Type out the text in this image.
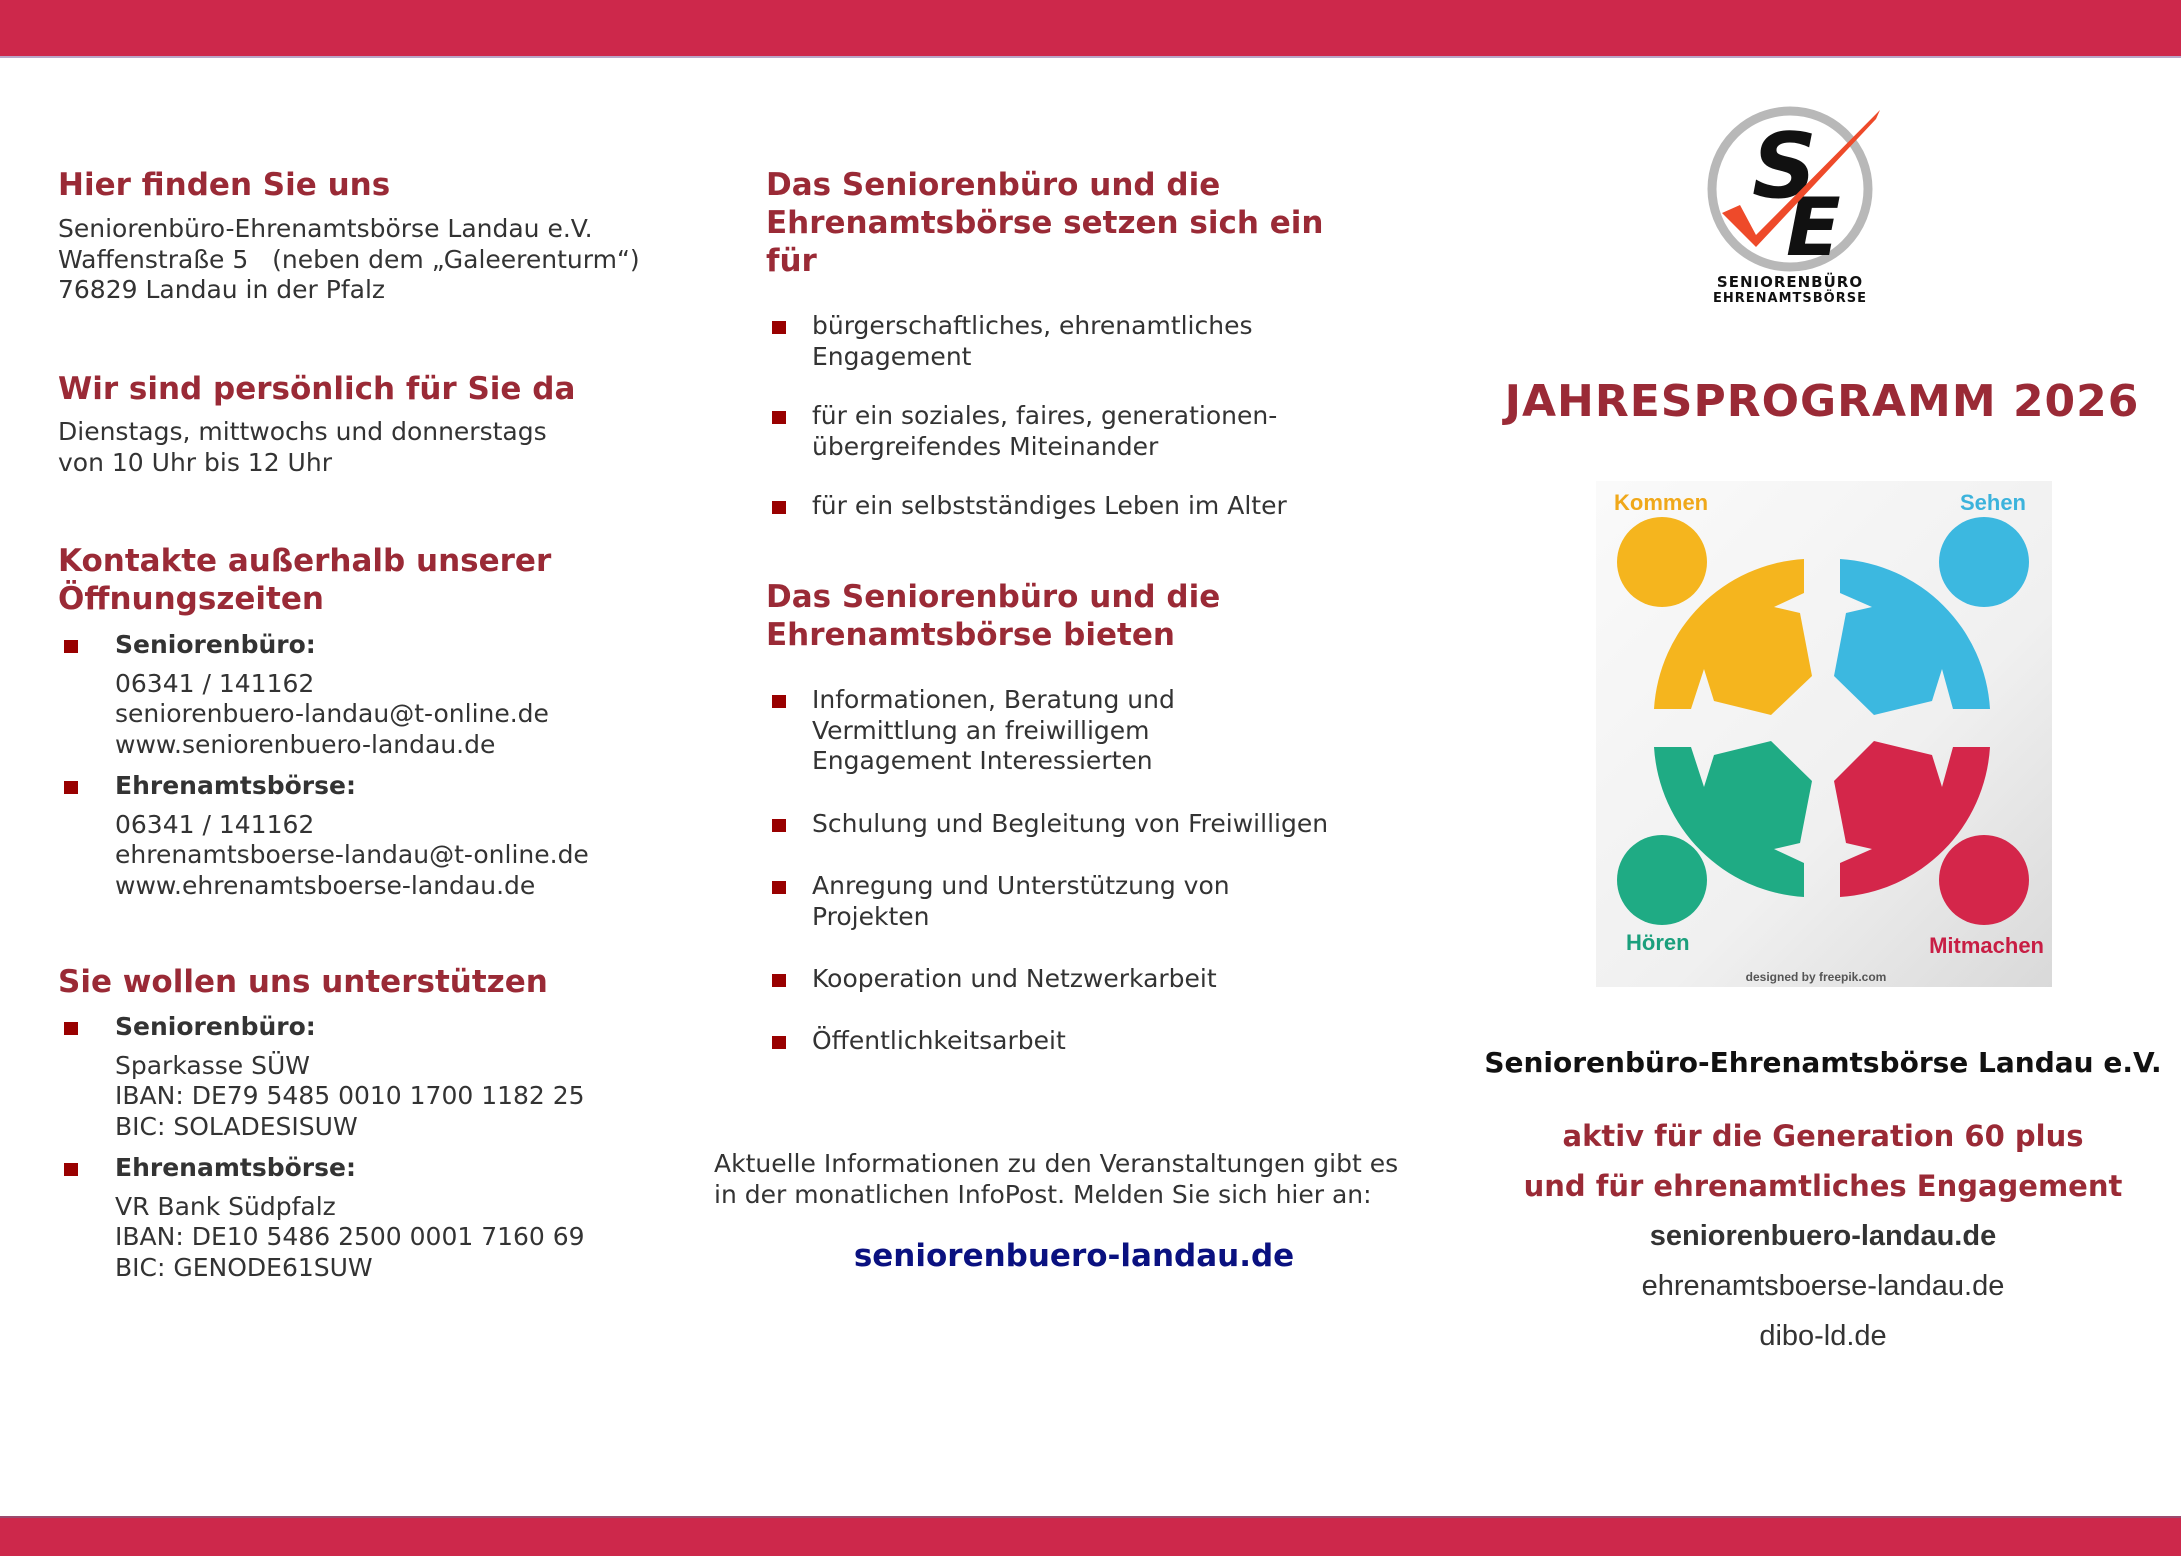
Hier finden Sie uns
Seniorenbüro-Ehrenamtsbörse Landau e.V.
Waffenstraße 5   (neben dem „Galeerenturm“)
76829 Landau in der Pfalz
Wir sind persönlich für Sie da
Dienstags, mittwochs und donnerstags
von 10 Uhr bis 12 Uhr
Kontakte außerhalb unserer
Öffnungszeiten
Seniorenbüro:
06341 / 141162
seniorenbuero-landau@t-online.de
www.seniorenbuero-landau.de
Ehrenamtsbörse:
06341 / 141162
ehrenamtsboerse-landau@t-online.de
www.ehrenamtsboerse-landau.de
Sie wollen uns unterstützen
Seniorenbüro:
Sparkasse SÜW
IBAN: DE79 5485 0010 1700 1182 25
BIC: SOLADESISUW
Ehrenamtsbörse:
VR Bank Südpfalz
IBAN: DE10 5486 2500 0001 7160 69
BIC: GENODE61SUW
Das Seniorenbüro und die
Ehrenamtsbörse setzen sich ein
für
bürgerschaftliches, ehrenamtliches
Engagement
für ein soziales, faires, generationen-
übergreifendes Miteinander
für ein selbstständiges Leben im Alter
Das Seniorenbüro und die
Ehrenamtsbörse bieten
Informationen, Beratung und
Vermittlung an freiwilligem
Engagement Interessierten
Schulung und Begleitung von Freiwilligen
Anregung und Unterstützung von
Projekten
Kooperation und Netzwerkarbeit
Öffentlichkeitsarbeit
Aktuelle Informationen zu den Veranstaltungen gibt es
in der monatlichen InfoPost. Melden Sie sich hier an:
seniorenbuero-landau.de
S
E
SENIORENBÜRO
EHRENAMTSBÖRSE
JAHRESPROGRAMM 2026
Kommen	Sehen
Hören	Mitmachen
designed by freepik.com
Seniorenbüro-Ehrenamtsbörse Landau e.V.
aktiv für die Generation 60 plus
und für ehrenamtliches Engagement
seniorenbuero-landau.de
ehrenamtsboerse-landau.de
dibo-ld.de
